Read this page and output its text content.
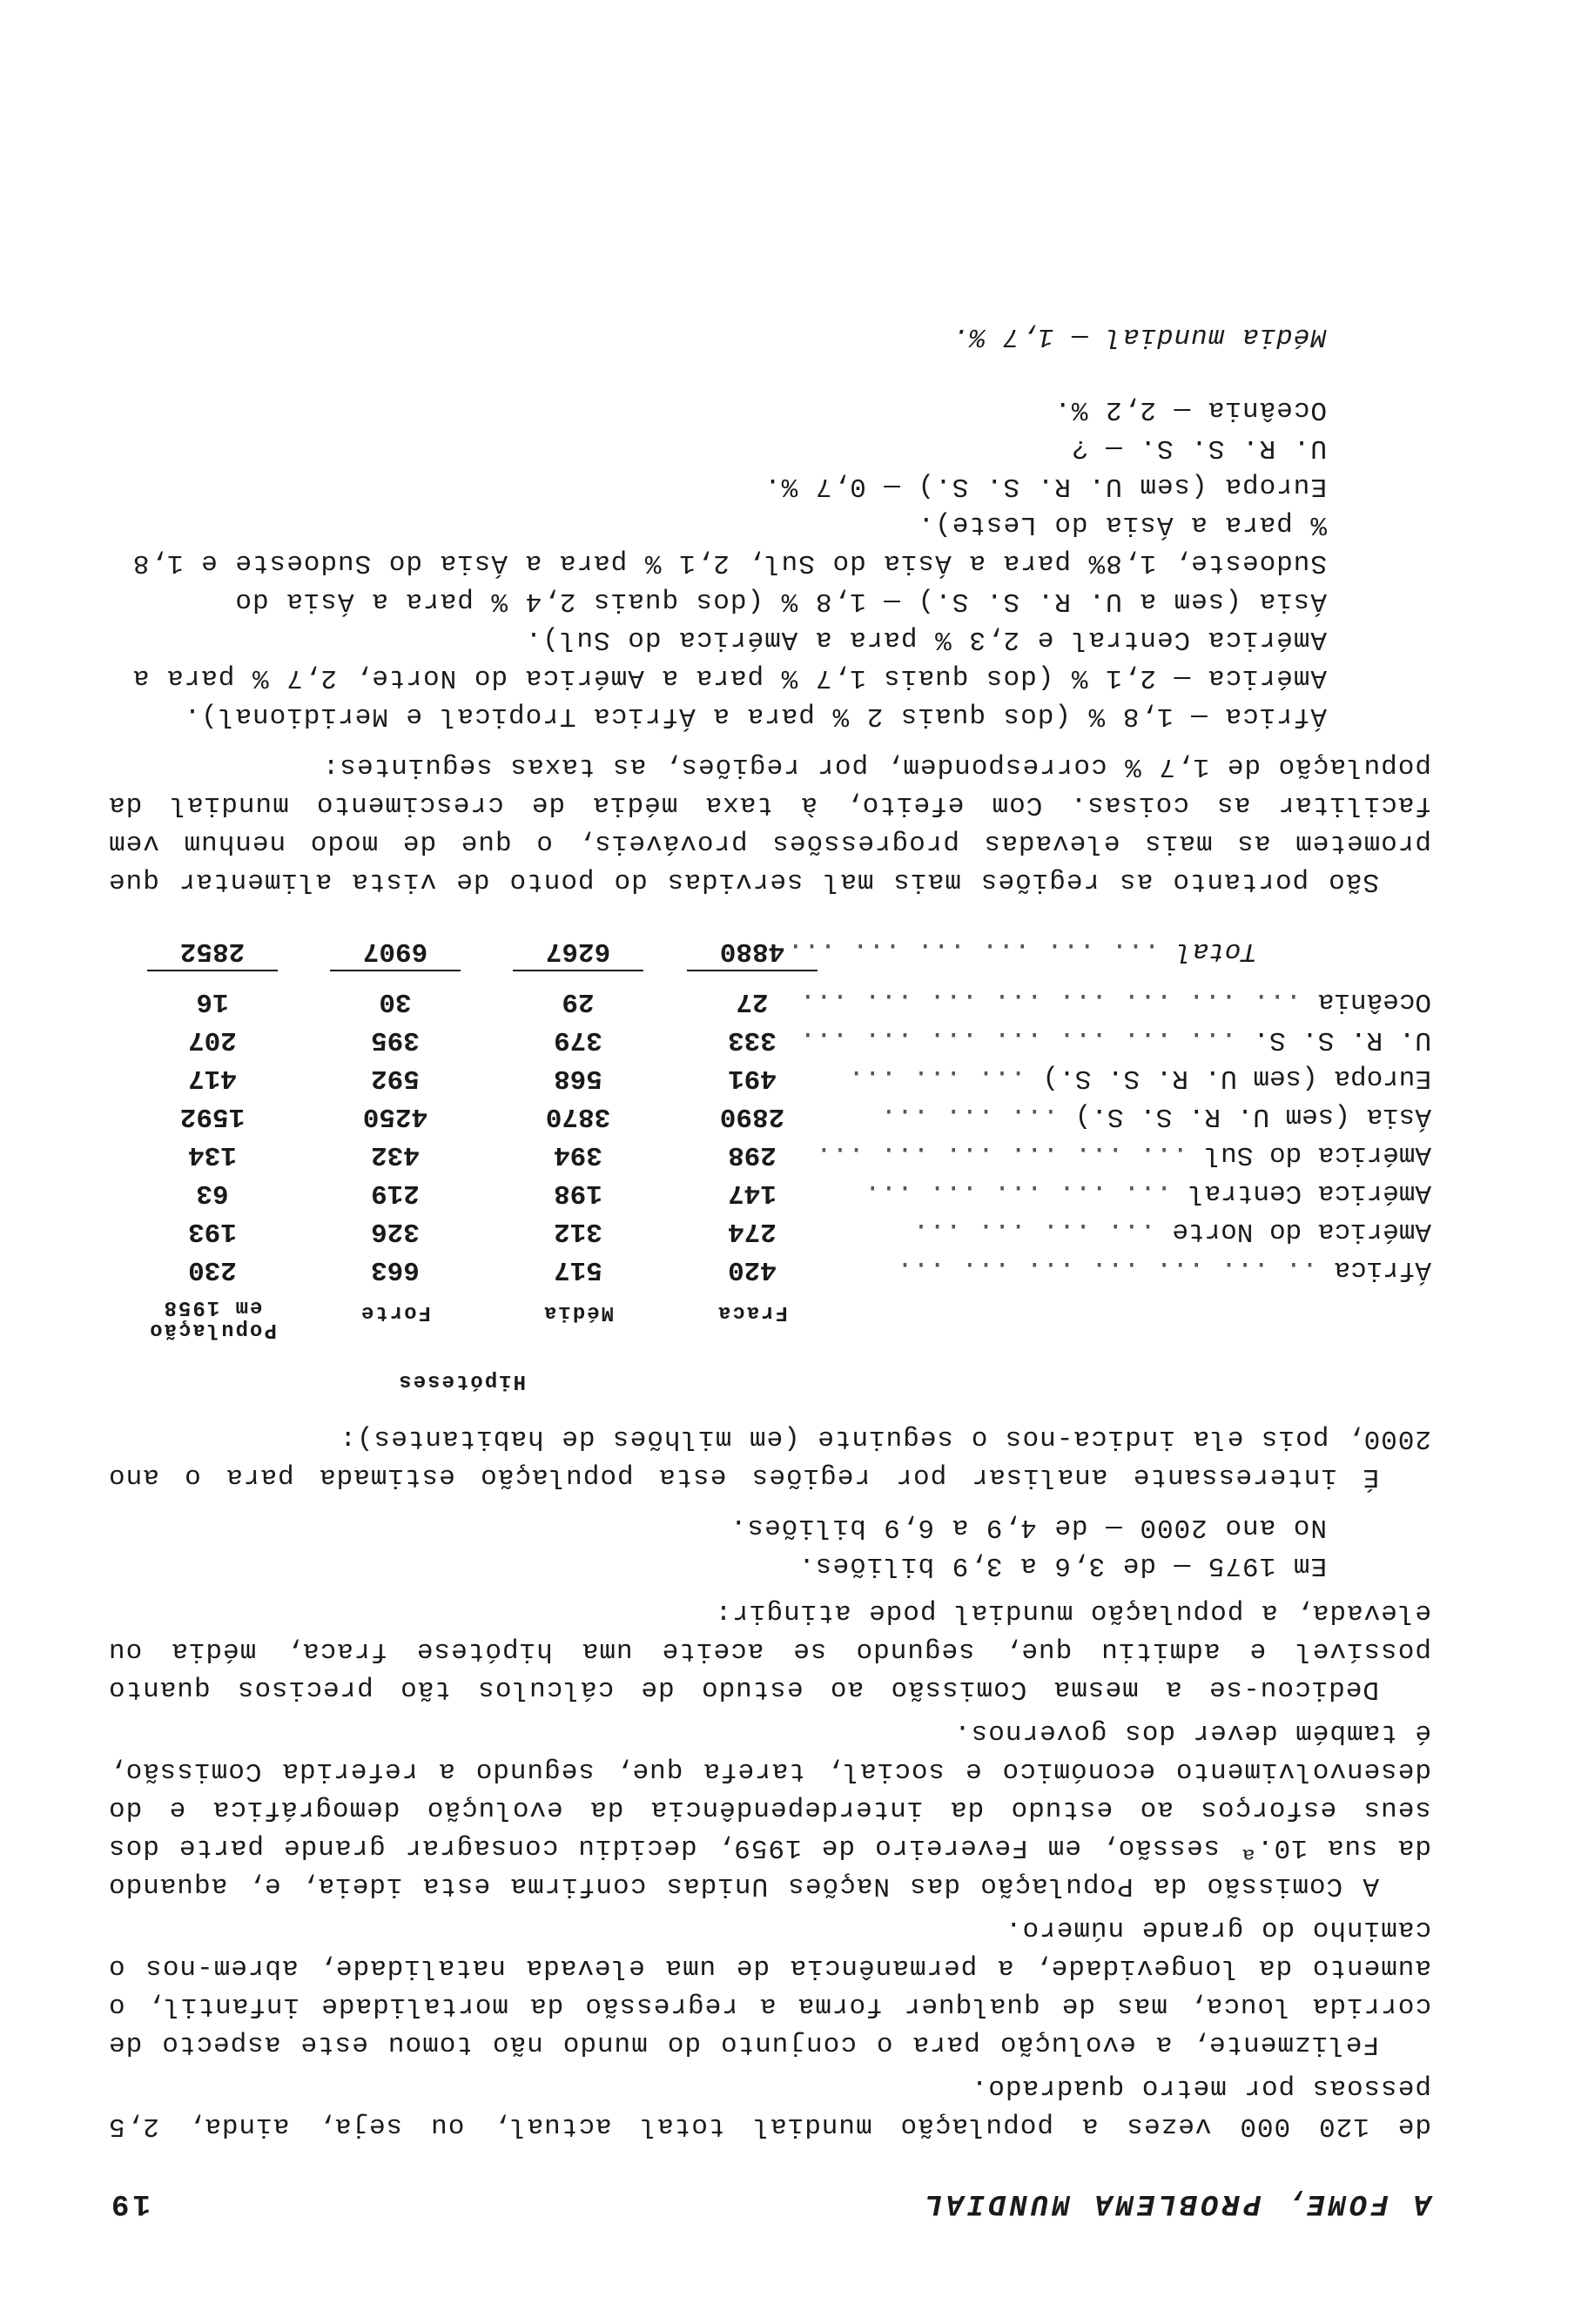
A FOME, PROBLEMA MUNDIAL
19

de 120 000 vezes a população mundial total actual, ou seja, ainda, 2,5 pessoas por metro quadrado.

Felizmente, a evolução para o conjunto do mundo não tomou este aspecto de corrida louca, mas de qualquer forma a regressão da mortalidade infantil, o aumento da longevidade, a permanência de uma elevada natalidade, abrem-nos o caminho do grande número.

A Comissão da População das Nações Unidas confirma esta ideia, e, aquando da sua 10.ª sessão, em Fevereiro de 1959, decidiu consagrar grande parte dos seus esforços ao estudo da interdependência da evolução demográfica e do desenvolvimento económico e social, tarefa que, segundo a referida Comissão, é também dever dos governos.

Dedicou-se a mesma Comissão ao estudo de cálculos tão precisos quanto possível e admitiu que, segundo se aceite uma hipótese fraca, média ou elevada, a população mundial pode atingir:

Em 1975 — de 3,6 a 3,9 biliões.
No ano 2000 — de 4,9 a 6,9 biliões.

É interessante analisar por regiões esta população estimada para o ano 2000, pois ela indica-nos o seguinte (em milhões de habitantes):

Hipóteses
Fraca
Média
Forte
População
em 1958
África .. ... ... ... ... ... ...
420
517
663
230
América do Norte ... ... ... ...
274
312
326
193
América Central ... ... ... ... ...
147
198
219
63
América do Sul ... ... ... ... ... ...
298
394
432
134
Ásia (sem U. R. S. S.) ... ... ...
2890
3870
4250
1592
Europa (sem U. R. S. S.) ... ... ...
491
568
592
417
U. R. S. S. ... ... ... ... ... ... ...
333
379
395
207
Oceânia ... ... ... ... ... ... ... ...
27
29
30
16
Total ... ... ... ... ... ...
4880
6267
6907
2852

São portanto as regiões mais mal servidas do ponto de vista alimentar que prometem as mais elevadas progressões prováveis, o que de modo nenhum vem facilitar as coisas. Com efeito, à taxa média de crescimento mundial da população de 1,7 % correspondem, por regiões, as taxas seguintes:

África — 1,8 % (dos quais 2 % para a África Tropical e Meridional).
América — 2,1 % (dos quais 1,7 % para a América do Norte, 2,7 % para a América Central e 2,3 % para a América do Sul).
Ásia (sem a U. R. S. S.) — 1,8 % (dos quais 2,4 % para a Ásia do Sudoeste, 1,8% para a Ásia do Sul, 2,1 % para a Ásia do Sudoeste e 1,8 % para a Ásia do Leste).
Europa (sem U. R. S. S.) — 0,7 %.
U. R. S. S. — ?
Oceânia — 2,2 %.
Média mundial — 1,7 %.
